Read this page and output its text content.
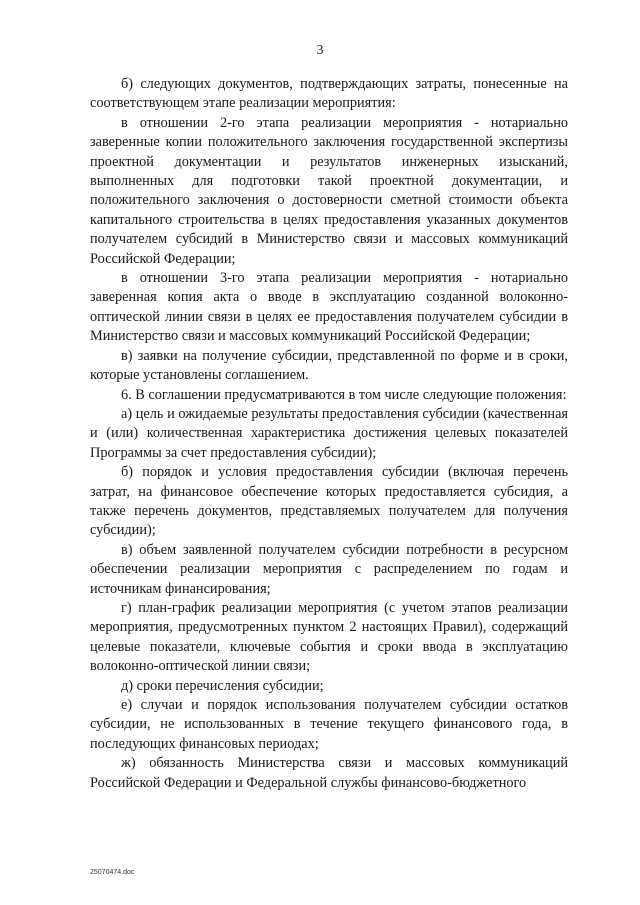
3

б) следующих документов, подтверждающих затраты, понесенные на соответствующем этапе реализации мероприятия:

в отношении 2-го этапа реализации мероприятия - нотариально заверенные копии положительного заключения государственной экспертизы проектной документации и результатов инженерных изысканий, выполненных для подготовки такой проектной документации, и положительного заключения о достоверности сметной стоимости объекта капитального строительства в целях предоставления указанных документов получателем субсидий в Министерство связи и массовых коммуникаций Российской Федерации;

в отношении 3-го этапа реализации мероприятия - нотариально заверенная копия акта о вводе в эксплуатацию созданной волоконно-оптической линии связи в целях ее предоставления получателем субсидии в Министерство связи и массовых коммуникаций Российской Федерации;

в) заявки на получение субсидии, представленной по форме и в сроки, которые установлены соглашением.

6. В соглашении предусматриваются в том числе следующие положения:

а) цель и ожидаемые результаты предоставления субсидии (качественная и (или) количественная характеристика достижения целевых показателей Программы за счет предоставления субсидии);

б) порядок и условия предоставления субсидии (включая перечень затрат, на финансовое обеспечение которых предоставляется субсидия, а также перечень документов, представляемых получателем для получения субсидии);

в) объем заявленной получателем субсидии потребности в ресурсном обеспечении реализации мероприятия с распределением по годам и источникам финансирования;

г) план-график реализации мероприятия (с учетом этапов реализации мероприятия, предусмотренных пунктом 2 настоящих Правил), содержащий целевые показатели, ключевые события и сроки ввода в эксплуатацию волоконно-оптической линии связи;

д) сроки перечисления субсидии;

е) случаи и порядок использования получателем субсидии остатков субсидии, не использованных в течение текущего финансового года, в последующих финансовых периодах;

ж) обязанность Министерства связи и массовых коммуникаций Российской Федерации и Федеральной службы финансово-бюджетного

25070474.doc
